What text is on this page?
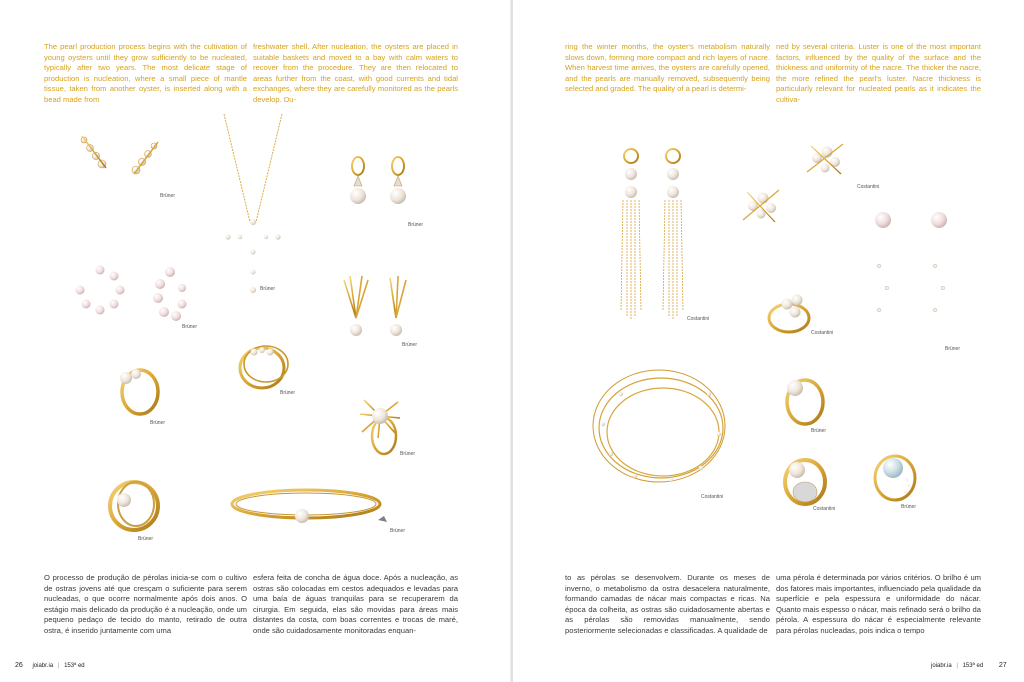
The pearl production process begins with the cultivation of young oysters until they grow sufficiently to be nucleated, typically after two years. The most delicate stage of production is nucleation, where a small piece of mantle tissue, taken from another oyster, is inserted along with a bead made from

freshwater shell. After nucleation, the oysters are placed in suitable baskets and moved to a bay with calm waters to recover from the procedure. They are then relocated to areas further from the coast, with good currents and tidal exchanges, where they are carefully monitored as the pearls develop. Du-

Brüner
Brüner
Brüner
Brüner
Brüner
Brüner
Brüner
Brüner
Brüner
Brüner

O processo de produção de pérolas inicia-se com o cultivo de ostras jovens até que cresçam o suficiente para serem nucleadas, o que ocorre normalmente após dois anos. O estágio mais delicado da produção é a nucleação, onde um pequeno pedaço de tecido do manto, retirado de outra ostra, é inserido juntamente com uma

esfera feita de concha de água doce. Após a nucleação, as ostras são colocadas em cestos adequados e levadas para uma baía de águas tranquilas para se recuperarem da cirurgia. Em seguida, elas são movidas para áreas mais distantes da costa, com boas correntes e trocas de maré, onde são cuidadosamente monitoradas enquan-

26 joiabr.ia | 153ª ed

ring the winter months, the oyster's metabolism naturally slows down, forming more compact and rich layers of nacre. When harvest time arrives, the oysters are carefully opened, and the pearls are manually removed, subsequently being selected and graded. The quality of a pearl is determi-

ned by several criteria. Luster is one of the most important factors, influenced by the quality of the surface and the thickness and uniformity of the nacre. The thicker the nacre, the more refined the pearl's luster. Nacre thickness is particularly relevant for nucleated pearls as it indicates the cultiva-

Costantini
Costantini
Brüner
Costantini
Costantini
Brüner
Costantini	Brüner

to as pérolas se desenvolvem. Durante os meses de inverno, o metabolismo da ostra desacelera naturalmente, formando camadas de nácar mais compactas e ricas. Na época da colheita, as ostras são cuidadosamente abertas e as pérolas são removidas manualmente, sendo posteriormente selecionadas e classificadas. A qualidade de

uma pérola é determinada por vários critérios. O brilho é um dos fatores mais importantes, influenciado pela qualidade da superfície e pela espessura e uniformidade do nácar. Quanto mais espesso o nácar, mais refinado será o brilho da pérola. A espessura do nácar é especialmente relevante para pérolas nucleadas, pois indica o tempo

joiabr.ia | 153ª ed 27
